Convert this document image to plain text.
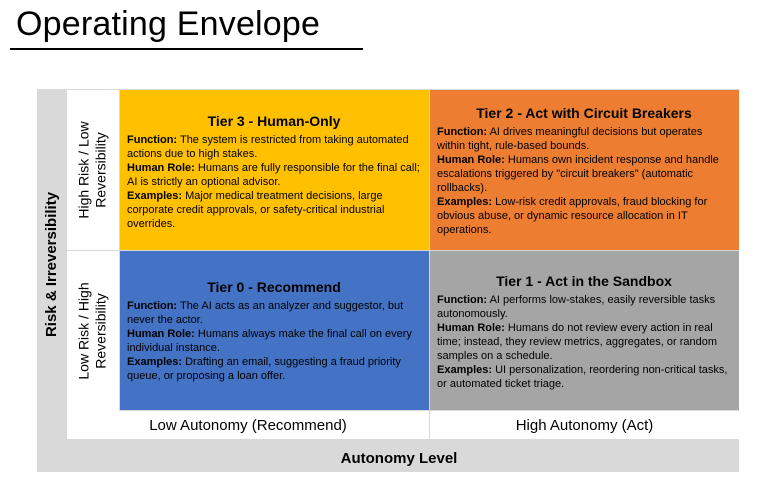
Operating Envelope
Risk & Irreversibility
High Risk / Low
Reversibility
Low Risk / High
Reversibility
Tier 3 - Human-Only

Function: The system is restricted from taking automated actions due to high stakes.

Human Role: Humans are fully responsible for the final call; AI is strictly an optional advisor.

Examples: Major medical treatment decisions, large corporate credit approvals, or safety-critical industrial overrides.

Tier 2 - Act with Circuit Breakers

Function: AI drives meaningful decisions but operates within tight, rule-based bounds.

Human Role: Humans own incident response and handle escalations triggered by "circuit breakers" (automatic rollbacks).

Examples: Low-risk credit approvals, fraud blocking for obvious abuse, or dynamic resource allocation in IT operations.

Tier 0 - Recommend

Function: The AI acts as an analyzer and suggestor, but never the actor.

Human Role: Humans always make the final call on every individual instance.

Examples: Drafting an email, suggesting a fraud priority queue, or proposing a loan offer.

Tier 1 - Act in the Sandbox

Function: AI performs low-stakes, easily reversible tasks autonomously.

Human Role: Humans do not review every action in real time; instead, they review metrics, aggregates, or random samples on a schedule.

Examples: UI personalization, reordering non-critical tasks, or automated ticket triage.

Low Autonomy (Recommend)	High Autonomy (Act)
Autonomy Level
